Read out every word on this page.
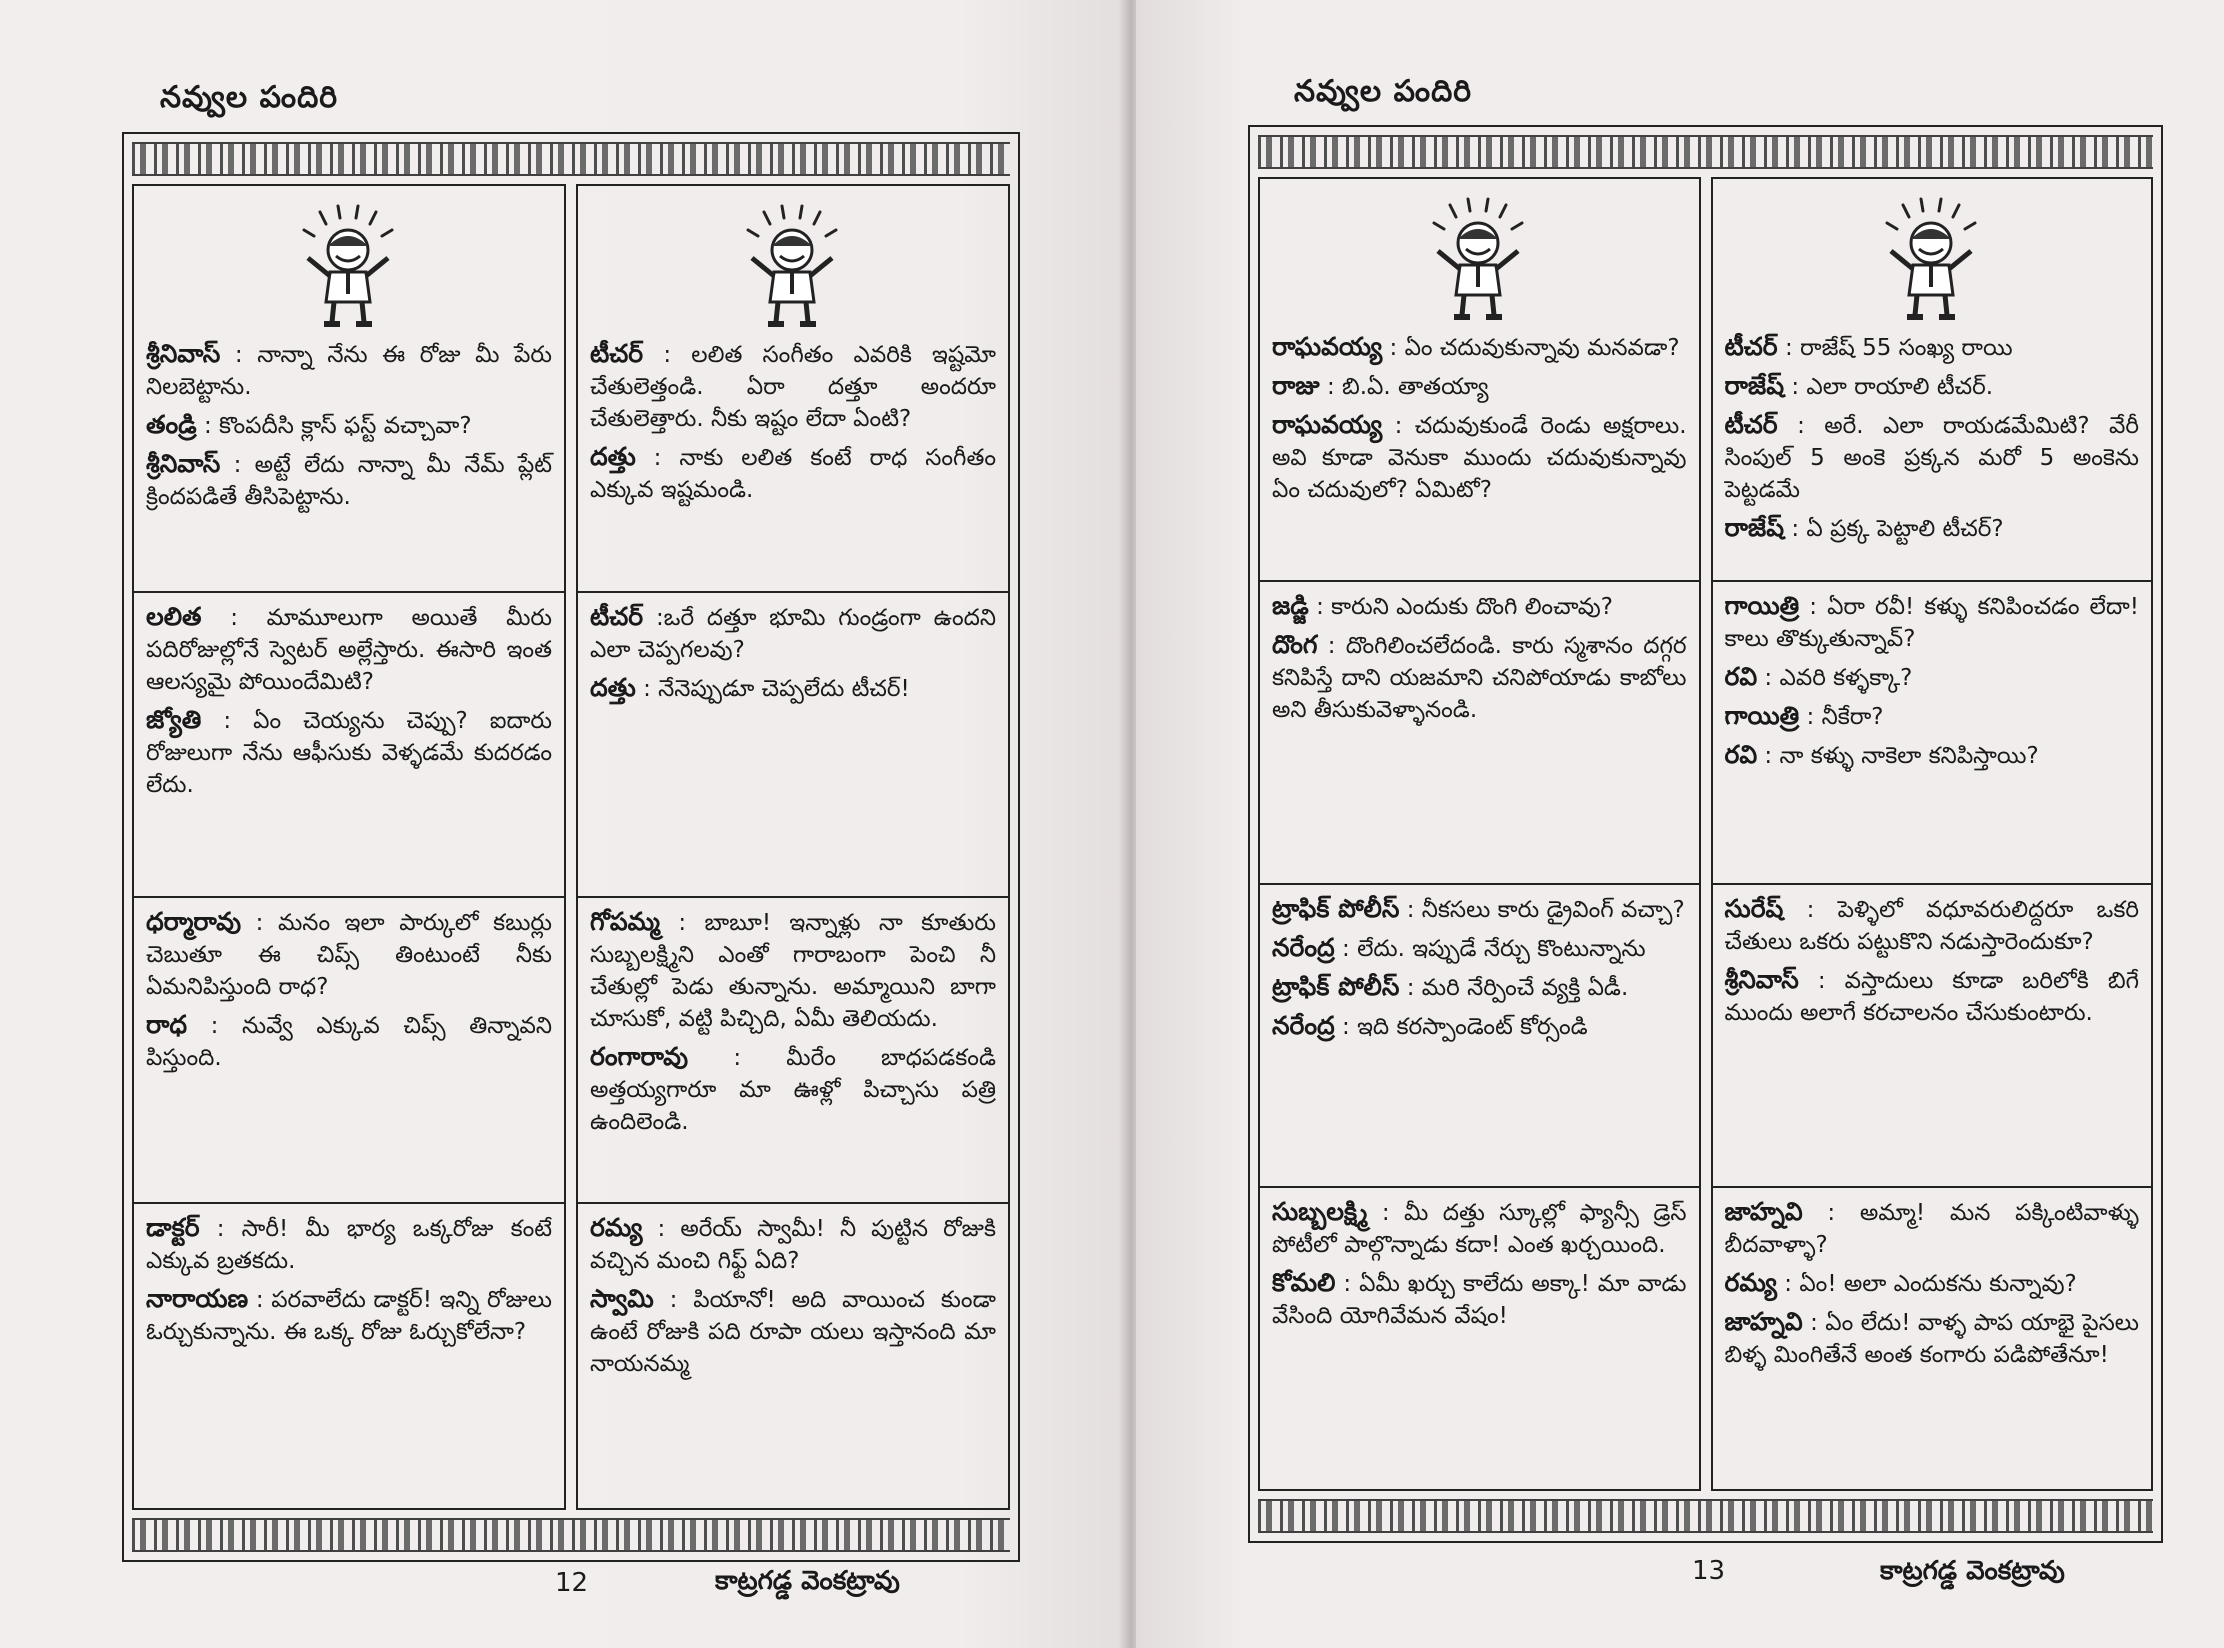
నవ్వుల పందిరి

శ్రీనివాస్ : నాన్నా నేను ఈ రోజు మీ పేరు నిలబెట్టాను.

తండ్రి : కొంపదీసి క్లాస్ ఫస్ట్ వచ్చావా?

శ్రీనివాస్ : అట్టే లేదు నాన్నా మీ నేమ్ ప్లేట్ క్రిందపడితే తీసిపెట్టాను.

లలిత : మామూలుగా అయితే మీరు పదిరోజుల్లోనే స్వెటర్ అల్లేస్తారు. ఈసారి ఇంత ఆలస్యమై పోయిందేమిటి?

జ్యోతి : ఏం చెయ్యను చెప్పు? ఐదారు రోజులుగా నేను ఆఫీసుకు వెళ్ళడమే కుదరడం లేదు.

ధర్మారావు : మనం ఇలా పార్కులో కబుర్లు చెబుతూ ఈ చిప్స్ తింటుంటే నీకు ఏమనిపిస్తుంది రాధ?

రాధ : నువ్వే ఎక్కువ చిప్స్ తిన్నావని పిస్తుంది.

డాక్టర్ : సారీ! మీ భార్య ఒక్కరోజు కంటే ఎక్కువ బ్రతకదు.

నారాయణ : పరవాలేదు డాక్టర్! ఇన్ని రోజులు ఓర్చుకున్నాను. ఈ ఒక్క రోజు ఓర్చుకోలేనా?

టీచర్ : లలిత సంగీతం ఎవరికి ఇష్టమో చేతులెత్తండి. ఏరా దత్తూ అందరూ చేతులెత్తారు. నీకు ఇష్టం లేదా ఏంటి?

దత్తు : నాకు లలిత కంటే రాధ సంగీతం ఎక్కువ ఇష్టమండి.

టీచర్ :ఒరే దత్తూ భూమి గుండ్రంగా ఉందని ఎలా చెప్పగలవు?

దత్తు : నేనెప్పుడూ చెప్పలేదు టీచర్!

గోపమ్మ : బాబూ! ఇన్నాళ్లు నా కూతురు సుబ్బలక్ష్మిని ఎంతో గారాబంగా పెంచి నీ చేతుల్లో పెడు తున్నాను. అమ్మాయిని బాగా చూసుకో, వట్టి పిచ్చిది, ఏమీ తెలియదు.

రంగారావు : మీరేం బాధపడకండి అత్తయ్యగారూ మా ఊళ్లో పిచ్చాసు పత్రి ఉందిలెండి.

రమ్య : అరేయ్ స్వామీ! నీ పుట్టిన రోజుకి వచ్చిన మంచి గిఫ్ట్ ఏది?

స్వామి : పియానో! అది వాయించ కుండా ఉంటే రోజుకి పది రూపా యలు ఇస్తానంది మా నాయనమ్మ

12	కాట్రగడ్డ వెంకట్రావు
నవ్వుల పందిరి

రాఘవయ్య : ఏం చదువుకున్నావు మనవడా?

రాజు : బి.ఏ. తాతయ్యా

రాఘవయ్య : చదువుకుండే రెండు అక్షరాలు. అవి కూడా వెనుకా ముందు చదువుకున్నావు ఏం చదువులో? ఏమిటో?

జడ్జి : కారుని ఎందుకు దొంగి లించావు?

దొంగ : దొంగిలించలేదండి. కారు స్మశానం దగ్గర కనిపిస్తే దాని యజమాని చనిపోయాడు కాబోలు అని తీసుకువెళ్ళానండి.

ట్రాఫిక్ పోలీస్ : నీకసలు కారు డ్రైవింగ్ వచ్చా?

నరేంద్ర : లేదు. ఇప్పుడే నేర్చు కొంటున్నాను

ట్రాఫిక్ పోలీస్ : మరి నేర్పించే వ్యక్తి ఏడీ.

నరేంద్ర : ఇది కరస్పాండెంట్ కోర్సండి

సుబ్బలక్ష్మి : మీ దత్తు స్కూల్లో ఫ్యాన్సీ డ్రెస్ పోటీలో పాల్గొన్నాడు కదా! ఎంత ఖర్చయింది.

కోమలి : ఏమీ ఖర్చు కాలేదు అక్కా! మా వాడు వేసింది యోగివేమన వేషం!

టీచర్ : రాజేష్ 55 సంఖ్య రాయి

రాజేష్ : ఎలా రాయాలి టీచర్.

టీచర్ : అరే. ఎలా రాయడమేమిటి? వేరీ సింపుల్ 5 అంకె ప్రక్కన మరో 5 అంకెను పెట్టడమే

రాజేష్ : ఏ ప్రక్క పెట్టాలి టీచర్?

గాయిత్రి : ఏరా రవీ! కళ్ళు కనిపించడం లేదా! కాలు తొక్కుతున్నావ్?

రవి : ఎవరి కళ్ళక్కా?

గాయిత్రి : నీకేరా?

రవి : నా కళ్ళు నాకెలా కనిపిస్తాయి?

సురేష్ : పెళ్ళిలో వధూవరులిద్దరూ ఒకరి చేతులు ఒకరు పట్టుకొని నడుస్తారెందుకూ?

శ్రీనివాస్ : వస్తాదులు కూడా బరిలోకి బిగే ముందు అలాగే కరచాలనం చేసుకుంటారు.

జాహ్నవి : అమ్మా! మన పక్కింటివాళ్ళు బీదవాళ్ళా?

రమ్య : ఏం! అలా ఎందుకను కున్నావు?

జాహ్నవి : ఏం లేదు! వాళ్ళ పాప యాభై పైసలు బిళ్ళ మింగితేనే అంత కంగారు పడిపోతేనూ!

13	కాట్రగడ్డ వెంకట్రావు
